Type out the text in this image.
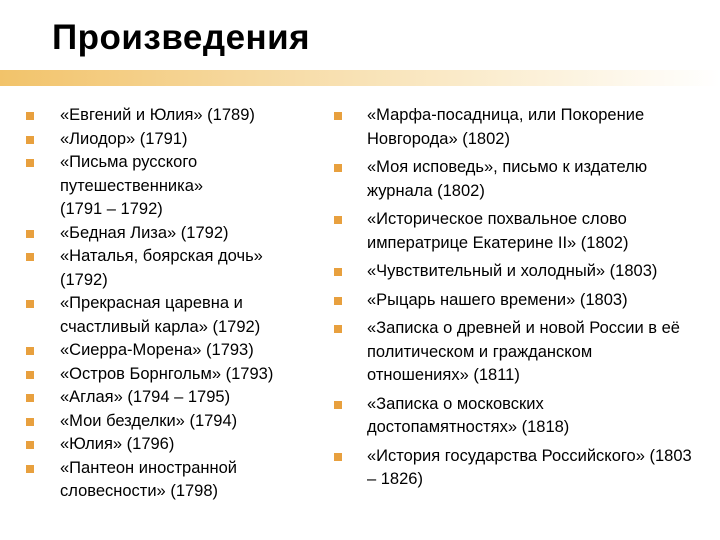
Произведения
«Евгений и Юлия» (1789)
«Лиодор» (1791)
«Письма русского путешественника» (1791 – 1792)
«Бедная Лиза» (1792)
«Наталья, боярская дочь» (1792)
«Прекрасная царевна и счастливый карла» (1792)
«Сиерра-Морена» (1793)
«Остров Борнгольм» (1793)
«Аглая» (1794 – 1795)
«Мои безделки» (1794)
«Юлия» (1796)
«Пантеон иностранной словесности» (1798)
«Марфа-посадница, или Покорение Новгорода» (1802)
«Моя исповедь», письмо к издателю журнала (1802)
«Историческое похвальное слово императрице Екатерине II» (1802)
«Чувствительный и холодный» (1803)
«Рыцарь нашего времени» (1803)
«Записка о древней и новой России в её политическом и гражданском отношениях» (1811)
«Записка о московских достопамятностях» (1818)
«История государства Российского» (1803 – 1826)
